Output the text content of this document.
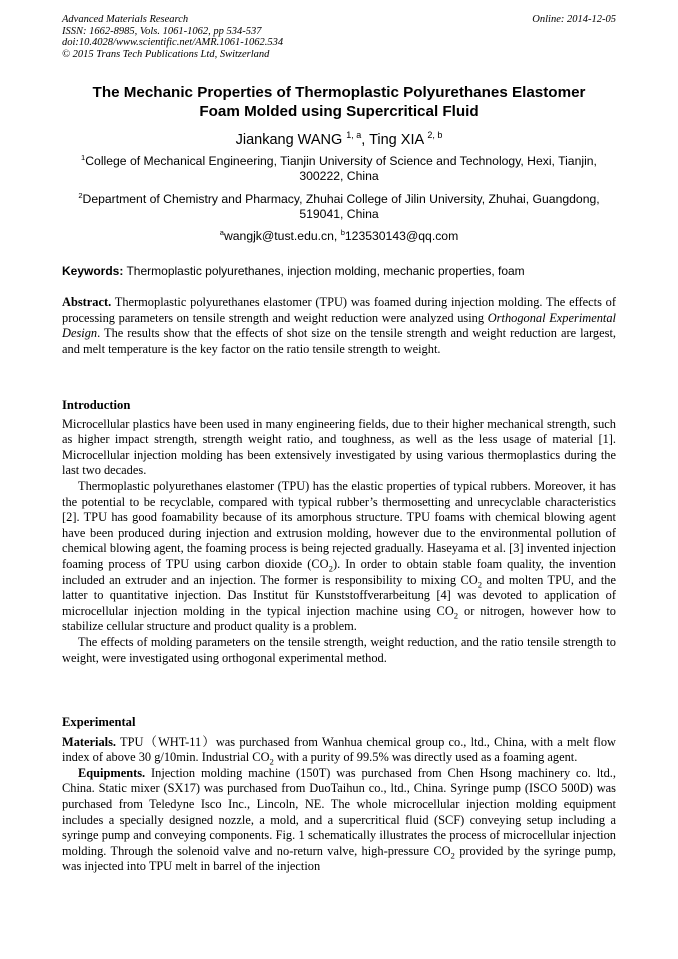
Advanced Materials Research
ISSN: 1662-8985, Vols. 1061-1062, pp 534-537
doi:10.4028/www.scientific.net/AMR.1061-1062.534
© 2015 Trans Tech Publications Ltd, Switzerland
Online: 2014-12-05
The Mechanic Properties of Thermoplastic Polyurethanes Elastomer
Foam Molded using Supercritical Fluid
Jiankang WANG $^{1, a}$, Ting XIA $^{2, b}$
$^1$College of Mechanical Engineering, Tianjin University of Science and Technology, Hexi, Tianjin,
300222, China
$^2$Department of Chemistry and Pharmacy, Zhuhai College of Jilin University, Zhuhai, Guangdong,
519041, China
$^a$wangjk@tust.edu.cn, $^b$123530143@qq.com
Keywords: Thermoplastic polyurethanes, injection molding, mechanic properties, foam

Abstract. Thermoplastic polyurethanes elastomer (TPU) was foamed during injection molding. The effects of processing parameters on tensile strength and weight reduction were analyzed using Orthogonal Experimental Design. The results show that the effects of shot size on the tensile strength and weight reduction are largest, and melt temperature is the key factor on the ratio tensile strength to weight.

Introduction

Microcellular plastics have been used in many engineering fields, due to their higher mechanical strength, such as higher impact strength, strength weight ratio, and toughness, as well as the less usage of material [1]. Microcellular injection molding has been extensively investigated by using various thermoplastics during the last two decades.

Thermoplastic polyurethanes elastomer (TPU) has the elastic properties of typical rubbers. Moreover, it has the potential to be recyclable, compared with typical rubber’s thermosetting and unrecyclable characteristics [2]. TPU has good foamability because of its amorphous structure. TPU foams with chemical blowing agent have been produced during injection and extrusion molding, however due to the environmental pollution of chemical blowing agent, the foaming process is being rejected gradually. Haseyama et al. [3] invented injection foaming process of TPU using carbon dioxide $(CO_2)$. In order to obtain stable foam quality, the invention included an extruder and an injection. The former is responsibility to mixing $CO_2$ and molten TPU, and the latter to quantitative injection. Das Institut für Kunststoffverarbeitung [4] was devoted to application of microcellular injection molding in the typical injection machine using $CO_2$ or nitrogen, however how to stabilize cellular structure and product quality is a problem.

The effects of molding parameters on the tensile strength, weight reduction, and the ratio tensile strength to weight, were investigated using orthogonal experimental method.

Experimental

Materials. TPU（WHT-11）was purchased from Wanhua chemical group co., ltd., China, with a melt flow index of above 30 g/10min. Industrial $CO_2$ with a purity of 99.5% was directly used as a foaming agent.

Equipments. Injection molding machine (150T) was purchased from Chen Hsong machinery co. ltd., China. Static mixer (SX17) was purchased from DuoTaihun co., ltd., China. Syringe pump (ISCO 500D) was purchased from Teledyne Isco Inc., Lincoln, NE. The whole microcellular injection molding equipment includes a specially designed nozzle, a mold, and a supercritical fluid (SCF) conveying setup including a syringe pump and conveying components. Fig. 1 schematically illustrates the process of microcellular injection molding. Through the solenoid valve and no-return valve, high-pressure $CO_2$ provided by the syringe pump, was injected into TPU melt in barrel of the injection
